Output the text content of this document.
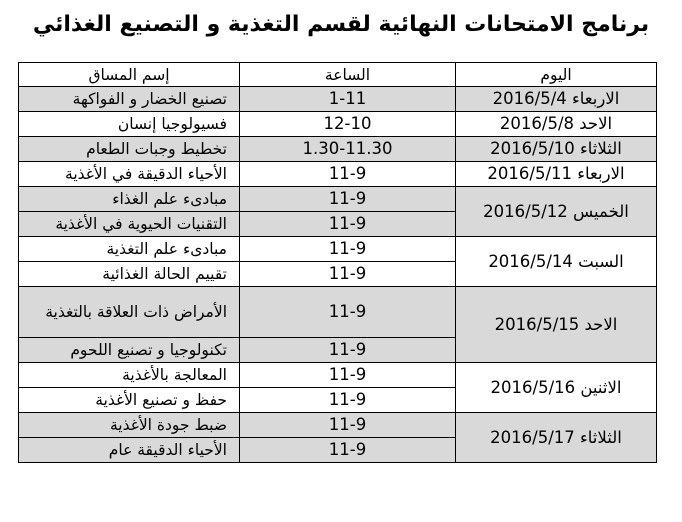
برنامج الامتحانات النهائية لقسم التغذية و التصنيع الغذائي
اليوم	الساعة	إسم المساق
الاربعاء 2016/5/4	1-11	تصنيع الخضار و الفواكهة
الاحد 2016/5/8	12-10	فسيولوجيا إنسان
الثلاثاء 2016/5/10	1.30-11.30	تخطيط وجبات الطعام
الاربعاء 2016/5/11	11-9	الأحياء الدقيقة في الأغذية
الخميس 2016/5/12	11-9	مبادىء علم الغذاء
	11-9	التقنيات الحيوية في الأغذية
السبت 2016/5/14	11-9	مبادىء علم التغذية
	11-9	تقييم الحالة الغذائية
الاحد 2016/5/15	11-9	الأمراض ذات العلاقة بالتغذية
	11-9	تكنولوجيا و تصنيع اللحوم
الاثنين 2016/5/16	11-9	المعالجة بالأغذية
	11-9	حفظ و تصنيع الأغذية
الثلاثاء 2016/5/17	11-9	ضبط جودة الأغذية
	11-9	الأحياء الدقيقة عام
